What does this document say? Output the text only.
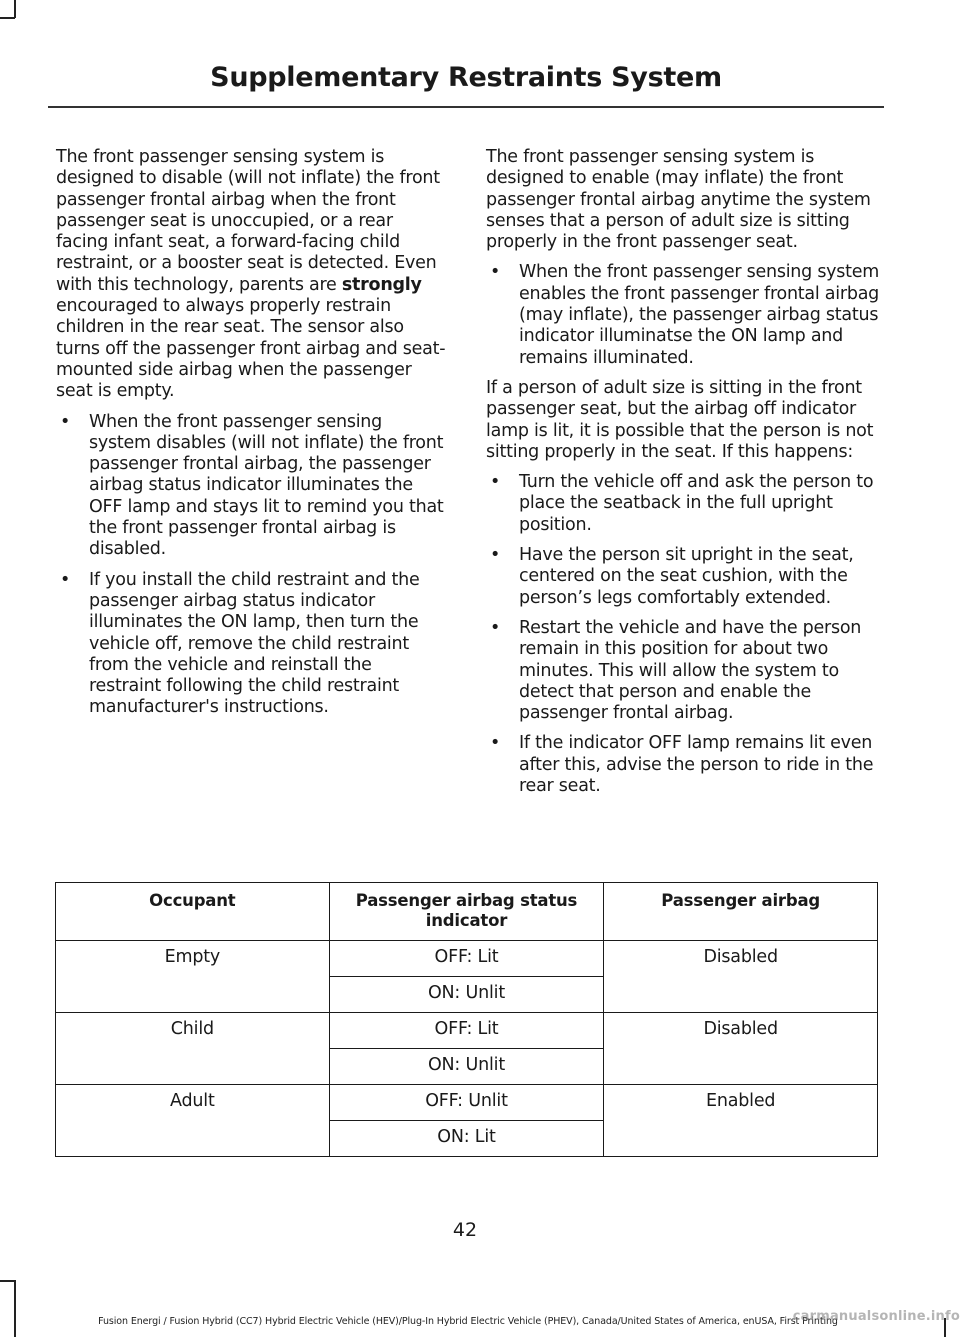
Supplementary Restraints System

The front passenger sensing system is designed to disable (will not inflate) the front passenger frontal airbag when the front passenger seat is unoccupied, or a rear facing infant seat, a forward-facing child restraint, or a booster seat is detected. Even with this technology, parents are strongly encouraged to always properly restrain children in the rear seat. The sensor also turns off the passenger front airbag and seat-mounted side airbag when the passenger seat is empty.

• When the front passenger sensing system disables (will not inflate) the front passenger frontal airbag, the passenger airbag status indicator illuminates the OFF lamp and stays lit to remind you that the front passenger frontal airbag is disabled.
• If you install the child restraint and the passenger airbag status indicator illuminates the ON lamp, then turn the vehicle off, remove the child restraint from the vehicle and reinstall the restraint following the child restraint manufacturer's instructions.

The front passenger sensing system is designed to enable (may inflate) the front passenger frontal airbag anytime the system senses that a person of adult size is sitting properly in the front passenger seat.

• When the front passenger sensing system enables the front passenger frontal airbag (may inflate), the passenger airbag status indicator illuminatse the ON lamp and remains illuminated.

If a person of adult size is sitting in the front passenger seat, but the airbag off indicator lamp is lit, it is possible that the person is not sitting properly in the seat. If this happens:

• Turn the vehicle off and ask the person to place the seatback in the full upright position.
• Have the person sit upright in the seat, centered on the seat cushion, with the person’s legs comfortably extended.
• Restart the vehicle and have the person remain in this position for about two minutes. This will allow the system to detect that person and enable the passenger frontal airbag.
• If the indicator OFF lamp remains lit even after this, advise the person to ride in the rear seat.
Occupant	Passenger airbag status indicator	Passenger airbag
Empty	OFF: Lit	Disabled
	ON: Unlit	
Child	OFF: Lit	Disabled
	ON: Unlit	
Adult	OFF: Unlit	Enabled
	ON: Lit	
42
Fusion Energi / Fusion Hybrid (CC7) Hybrid Electric Vehicle (HEV)/Plug-In Hybrid Electric Vehicle (PHEV), Canada/United States of America, enUSA, First Printing
carmanualsonline.info
